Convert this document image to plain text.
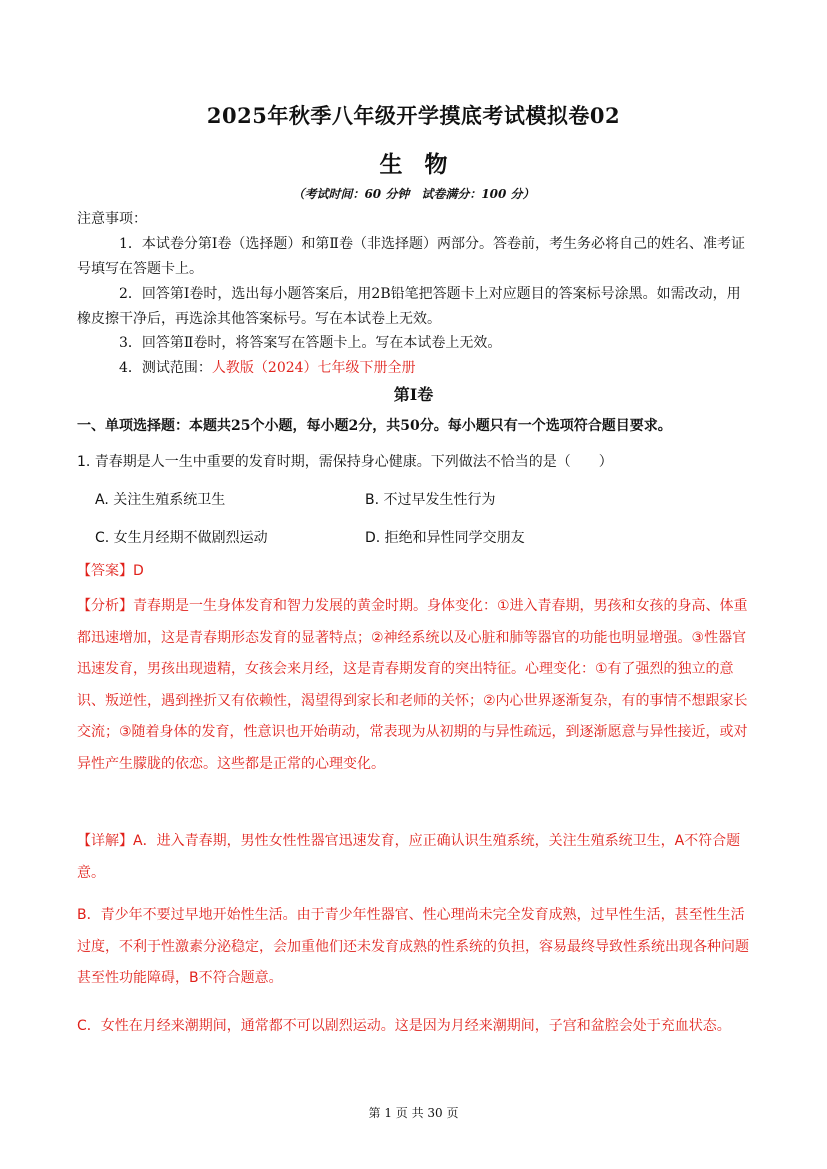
2025年秋季八年级开学摸底考试模拟卷02
生 物
（考试时间：60 分钟　试卷满分：100 分）
注意事项：
1．本试卷分第Ⅰ卷（选择题）和第Ⅱ卷（非选择题）两部分。答卷前，考生务必将自己的姓名、准考证号填写在答题卡上。
2．回答第Ⅰ卷时，选出每小题答案后，用2B铅笔把答题卡上对应题目的答案标号涂黑。如需改动，用橡皮擦干净后，再选涂其他答案标号。写在本试卷上无效。
3．回答第Ⅱ卷时，将答案写在答题卡上。写在本试卷上无效。
4．测试范围：人教版（2024）七年级下册全册
第Ⅰ卷
一、单项选择题：本题共25个小题，每小题2分，共50分。每小题只有一个选项符合题目要求。
1. 青春期是人一生中重要的发育时期，需保持身心健康。下列做法不恰当的是（　　）
A. 关注生殖系统卫生	B. 不过早发生性行为
C. 女生月经期不做剧烈运动	D. 拒绝和异性同学交朋友
【答案】D
【分析】青春期是一生身体发育和智力发展的黄金时期。身体变化：①进入青春期，男孩和女孩的身高、体重都迅速增加，这是青春期形态发育的显著特点；②神经系统以及心脏和肺等器官的功能也明显增强。③性器官迅速发育，男孩出现遗精，女孩会来月经，这是青春期发育的突出特征。心理变化：①有了强烈的独立的意识、叛逆性，遇到挫折又有依赖性，渴望得到家长和老师的关怀；②内心世界逐渐复杂，有的事情不想跟家长交流；③随着身体的发育，性意识也开始萌动，常表现为从初期的与异性疏远，到逐渐愿意与异性接近，或对异性产生朦胧的依恋。这些都是正常的心理变化。
【详解】A．进入青春期，男性女性性器官迅速发育，应正确认识生殖系统，关注生殖系统卫生，A不符合题意。
B．青少年不要过早地开始性生活。由于青少年性器官、性心理尚未完全发育成熟，过早性生活，甚至性生活过度，不利于性激素分泌稳定，会加重他们还未发育成熟的性系统的负担，容易最终导致性系统出现各种问题甚至性功能障碍，B不符合题意。
C．女性在月经来潮期间，通常都不可以剧烈运动。这是因为月经来潮期间，子宫和盆腔会处于充血状态。
第 1 页 共 30 页
